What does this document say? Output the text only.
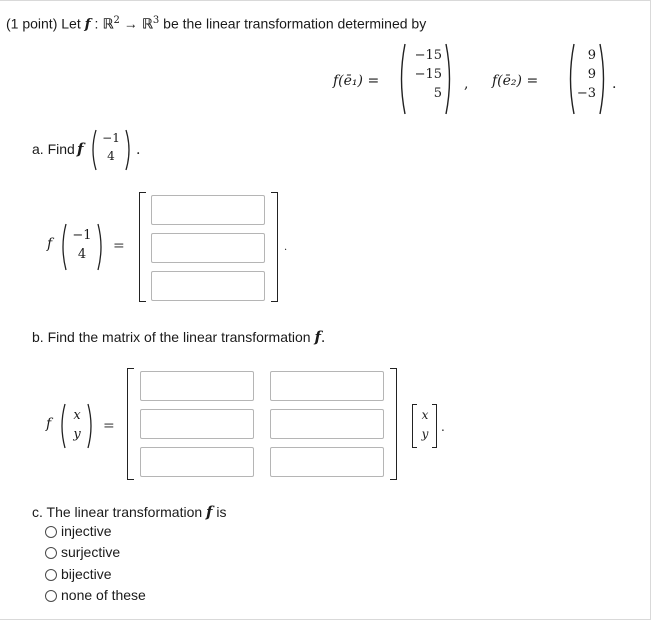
(1 point) Let f : ℝ$^2$ → ℝ$^3$ be the linear transformation determined by
f(ē₁) =
−15
−15
5
, f(ē₂) =
9
9
−3
.
a. Find f
−1
4 .
f
−1
4
=	.
b. Find the matrix of the linear transformation f.
f
x
y
=
x
y .
c. The linear transformation f is
injective
surjective
bijective
none of these
